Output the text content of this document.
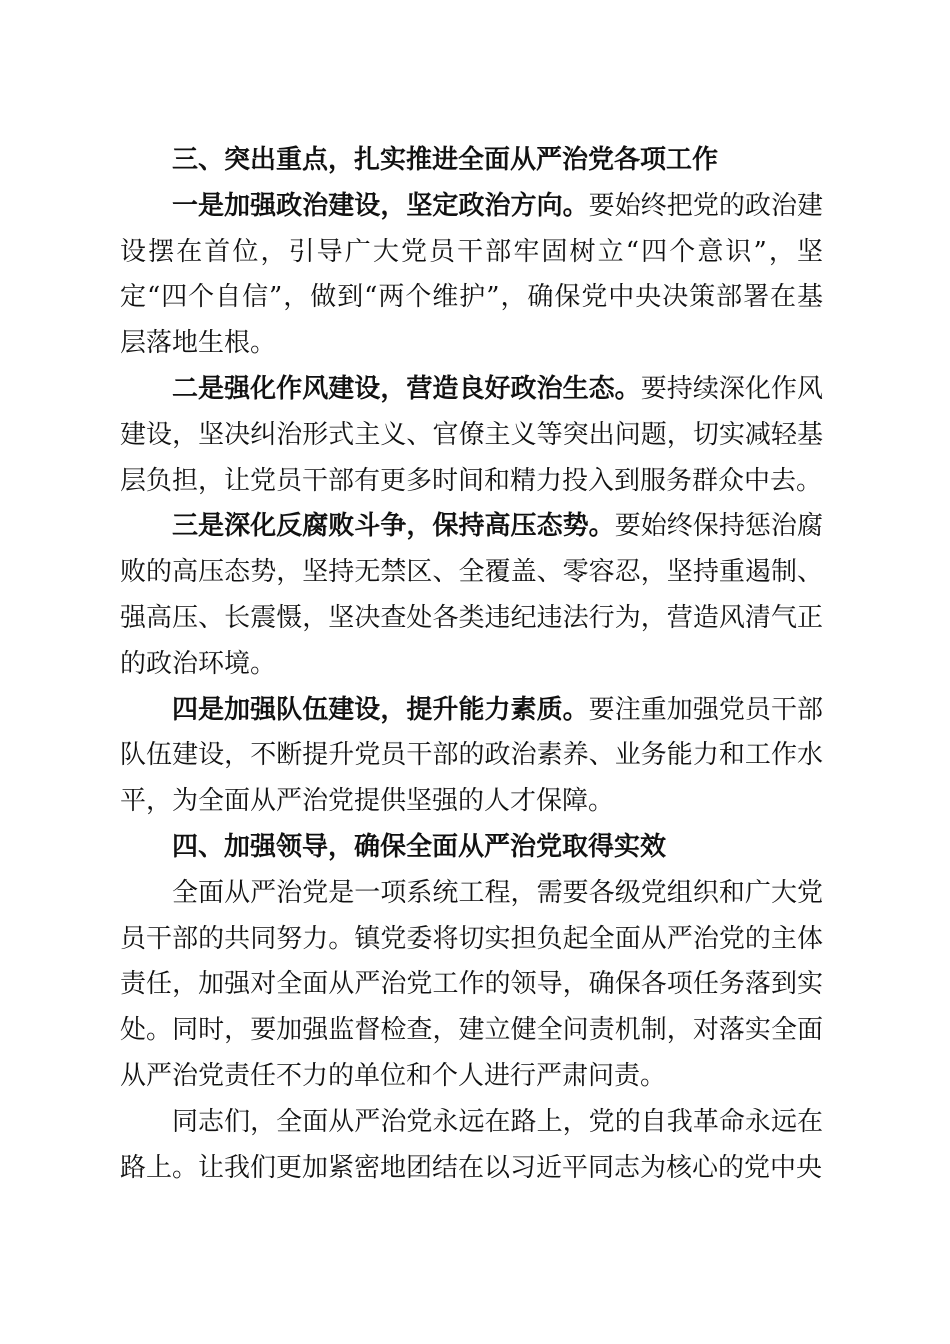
三、突出重点，扎实推进全面从严治党各项工作

一是加强政治建设，坚定政治方向。要始终把党的政治建设摆在首位，引导广大党员干部牢固树立“四个意识”，坚定“四个自信”，做到“两个维护”，确保党中央决策部署在基层落地生根。

二是强化作风建设，营造良好政治生态。要持续深化作风建设，坚决纠治形式主义、官僚主义等突出问题，切实减轻基层负担，让党员干部有更多时间和精力投入到服务群众中去。

三是深化反腐败斗争，保持高压态势。要始终保持惩治腐败的高压态势，坚持无禁区、全覆盖、零容忍，坚持重遏制、强高压、长震慑，坚决查处各类违纪违法行为，营造风清气正的政治环境。

四是加强队伍建设，提升能力素质。要注重加强党员干部队伍建设，不断提升党员干部的政治素养、业务能力和工作水平，为全面从严治党提供坚强的人才保障。

四、加强领导，确保全面从严治党取得实效

全面从严治党是一项系统工程，需要各级党组织和广大党员干部的共同努力。镇党委将切实担负起全面从严治党的主体责任，加强对全面从严治党工作的领导，确保各项任务落到实处。同时，要加强监督检查，建立健全问责机制，对落实全面从严治党责任不力的单位和个人进行严肃问责。

同志们，全面从严治党永远在路上，党的自我革命永远在路上。让我们更加紧密地团结在以习近平同志为核心的党中央
